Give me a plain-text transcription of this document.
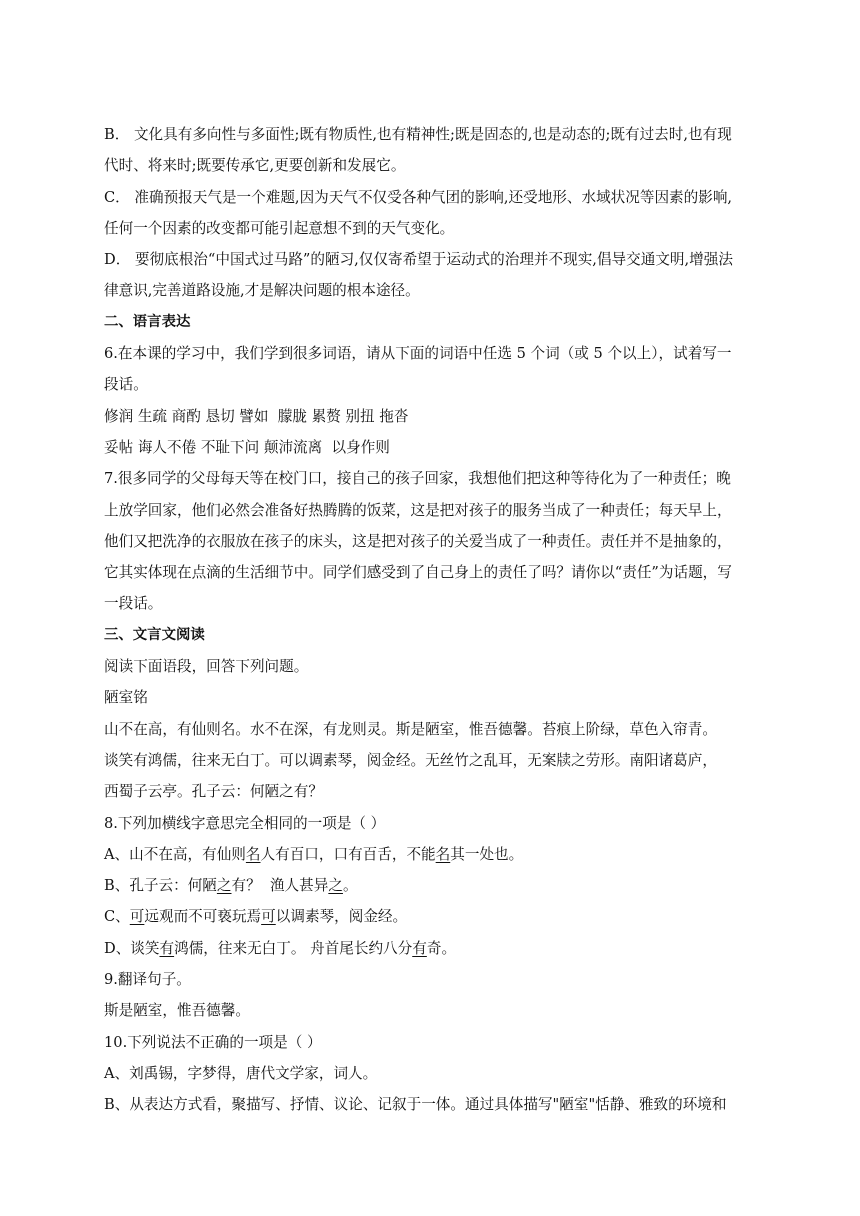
B． 文化具有多向性与多面性;既有物质性,也有精神性;既是固态的,也是动态的;既有过去时,也有现

代时、将来时;既要传承它,更要创新和发展它。

C． 准确预报天气是一个难题,因为天气不仅受各种气团的影响,还受地形、水域状况等因素的影响,

任何一个因素的改变都可能引起意想不到的天气变化。

D． 要彻底根治“中国式过马路”的陋习,仅仅寄希望于运动式的治理并不现实,倡导交通文明,增强法

律意识,完善道路设施,才是解决问题的根本途径。

二、语言表达

6.在本课的学习中，我们学到很多词语，请从下面的词语中任选 5 个词（或 5 个以上），试着写一

段话。

修润 生疏 商酌 恳切 譬如  朦胧 累赘 别扭 拖沓

妥帖 诲人不倦 不耻下问 颠沛流离  以身作则

7.很多同学的父母每天等在校门口，接自己的孩子回家，我想他们把这种等待化为了一种责任；晚

上放学回家，他们必然会准备好热腾腾的饭菜，这是把对孩子的服务当成了一种责任；每天早上，

他们又把洗净的衣服放在孩子的床头，这是把对孩子的关爱当成了一种责任。责任并不是抽象的，

它其实体现在点滴的生活细节中。同学们感受到了自己身上的责任了吗？请你以“责任”为话题，写

一段话。

三、文言文阅读

阅读下面语段，回答下列问题。

陋室铭

山不在高，有仙则名。水不在深，有龙则灵。斯是陋室，惟吾德馨。苔痕上阶绿，草色入帘青。

谈笑有鸿儒，往来无白丁。可以调素琴，阅金经。无丝竹之乱耳，无案牍之劳形。南阳诸葛庐，

西蜀子云亭。孔子云：何陋之有？

8.下列加横线字意思完全相同的一项是（ ）

A、山不在高，有仙则名人有百口，口有百舌，不能名其一处也。

B、孔子云：何陋之有？  渔人甚异之。

C、可远观而不可亵玩焉可以调素琴，阅金经。

D、谈笑有鸿儒，往来无白丁。 舟首尾长约八分有奇。

9.翻译句子。

斯是陋室，惟吾德馨。

10.下列说法不正确的一项是（ ）

A、刘禹锡，字梦得，唐代文学家，词人。

B、从表达方式看，聚描写、抒情、议论、记叙于一体。通过具体描写"陋室"恬静、雅致的环境和
